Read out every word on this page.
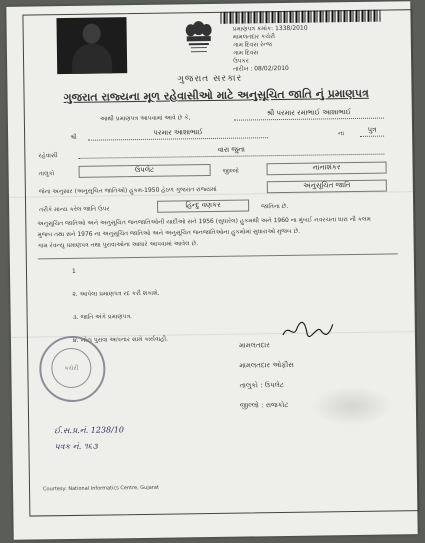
પ્રમાણપત્ર ક્રમાંક: 1338/2010
મામલતદાર કચેરી
ગામ દિવસ રેન્જ
ગામ દિવસ
ઉપકર
તારીખ : 08/02/2010
ગુજરાત સરકાર
ગુજરાત રાજ્યના મૂળ રહેવાસીઓ માટે અનુસૂચિત જાતિ નું પ્રમાણપત્ર
આથી પ્રમાણપત્ર આપવામાં આવે છે કે,
શ્રી પરમાર રમાભાઈ આશાભાઈ
શ્રી
પરમાર આશાભાઈ	ના	પુત્ર
રહેવાસી
વારા જુના
તાલુકો	ઉપલેટ	જીલ્લો	નાનાશંકર
જેના અનુસાર (અનુસૂચિત જાતિઓ) હુકમ-1950 હેઠળ ગુજરાત રાજ્યમાં
અનુસૂચિત જાતિ
તરીકે માન્ય કરેલ જાતિ ઉપર
હિન્દુ વણકર	જાતિના છે.
અનુસૂચિત જાતિઓ અને અનુસૂચિત જનજાતિઓની યાદીઓ સને 1956 (સુધારેલ) હુકમથી અને 1960 ના મુંબઈ નવરચના ધારા ની કલમ
મુજબ તથા સને 1976 ના અનુસૂચિત જાતિઓ અને અનુસૂચિત જનજાતિઓના હુકમોમાં સુધારાઓ મુજબ છે.
ગામ રેવન્યુ પ્રમાણપત્ર તથા પુરાવાઓના આધારે આપવામાં આવેલ છે.
1
૨. આપેલા પ્રમાણપત્ર રદ કરી શકાશે.
૩. જાતિ અંગે પ્રમાણપત્ર.
૪. ખોટા પુરાવા આપનાર સામે કાર્યવાહી.
કચેરી
મામલતદાર
મામલતદાર ઓફીસ
તાલુકો : ઉપલેટ
જીલ્લો : રાજકોટ
ઈ.સ.પ્ર.નં. 1238/10
પત્રક નં. ૧૬૩
Courtesy: National Informatics Centre, Gujarat
